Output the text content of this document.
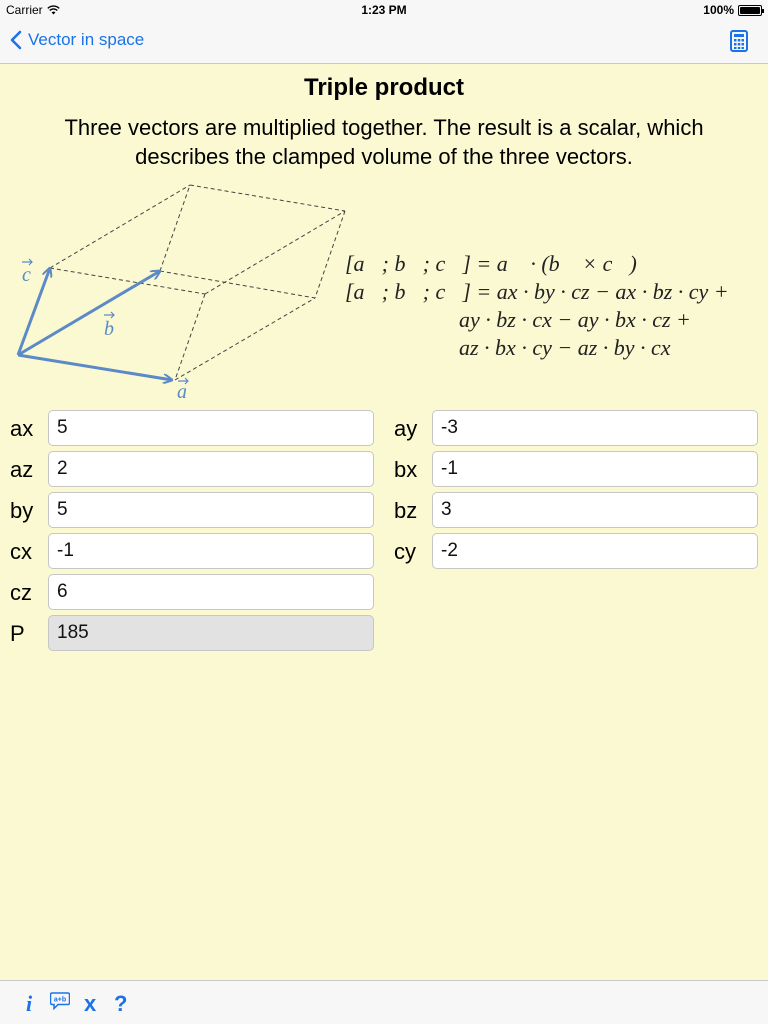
Carrier	1:23 PM	100%
Vector in space
Triple product
Three vectors are multiplied together. The result is a scalar, which
describes the clamped volume of the three vectors.
a
b
c	[a⃗; b⃗; c⃗] = a⃗ · (b⃗ × c⃗)
[a⃗; b⃗; c⃗] = ax · by · cz − ax · bz · cy +
ay · bz · cx − ay · bx · cz +
az · bx · cy − az · by · cx
ax	5
az	2
by	5
cx	-1
cz	6
P	185
ay	-3
bx	-1
bz	3
cy	-2
i	a+b x ?
